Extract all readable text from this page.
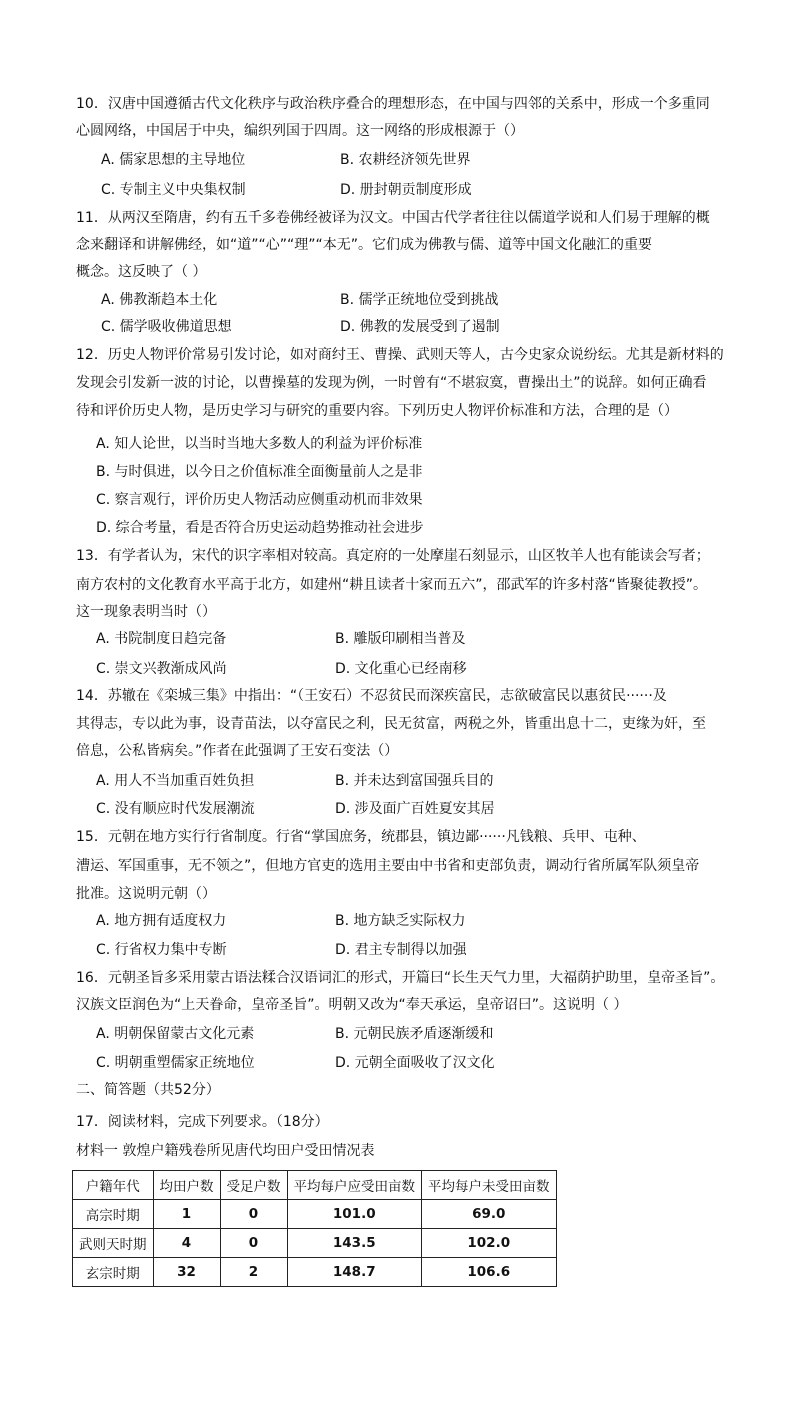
10．汉唐中国遵循古代文化秩序与政治秩序叠合的理想形态，在中国与四邻的关系中，形成一个多重同
心圆网络，中国居于中央，编织列国于四周。这一网络的形成根源于（）
A. 儒家思想的主导地位	B. 农耕经济领先世界
C. 专制主义中央集权制	D. 册封朝贡制度形成
11．从两汉至隋唐，约有五千多卷佛经被译为汉文。中国古代学者往往以儒道学说和人们易于理解的概
念来翻译和讲解佛经，如“道”“心”“理”“本无”。它们成为佛教与儒、道等中国文化融汇的重要
概念。这反映了（ ）
A. 佛教渐趋本土化	B. 儒学正统地位受到挑战
C. 儒学吸收佛道思想	D. 佛教的发展受到了遏制
12．历史人物评价常易引发讨论，如对商纣王、曹操、武则天等人，古今史家众说纷纭。尤其是新材料的
发现会引发新一波的讨论，以曹操墓的发现为例，一时曾有“不堪寂寞，曹操出土”的说辞。如何正确看
待和评价历史人物，是历史学习与研究的重要内容。下列历史人物评价标准和方法，合理的是（）
A. 知人论世，以当时当地大多数人的利益为评价标准
B. 与时俱进，以今日之价值标准全面衡量前人之是非
C. 察言观行，评价历史人物活动应侧重动机而非效果
D. 综合考量，看是否符合历史运动趋势推动社会进步
13．有学者认为，宋代的识字率相对较高。真定府的一处摩崖石刻显示，山区牧羊人也有能读会写者；
南方农村的文化教育水平高于北方，如建州“耕且读者十家而五六”，邵武军的许多村落“皆聚徒教授”。
这一现象表明当时（）
A. 书院制度日趋完备	B. 雕版印刷相当普及
C. 崇文兴教渐成风尚	D. 文化重心已经南移
14．苏辙在《栾城三集》中指出：“（王安石）不忍贫民而深疾富民，志欲破富民以惠贫民······及
其得志，专以此为事，设青苗法，以夺富民之利，民无贫富，两税之外，皆重出息十二，吏缘为奸，至
倍息，公私皆病矣。”作者在此强调了王安石变法（）
A. 用人不当加重百姓负担	B. 并未达到富国强兵目的
C. 没有顺应时代发展潮流	D. 涉及面广百姓夏安其居
15．元朝在地方实行行省制度。行省“掌国庶务，统郡县，镇边鄙······凡钱粮、兵甲、屯种、
漕运、军国重事，无不领之”，但地方官吏的选用主要由中书省和吏部负责，调动行省所属军队须皇帝
批准。这说明元朝（）
A. 地方拥有适度权力	B. 地方缺乏实际权力
C. 行省权力集中专断	D. 君主专制得以加强
16．元朝圣旨多采用蒙古语法糅合汉语词汇的形式，开篇曰“长生天气力里，大福荫护助里，皇帝圣旨”。
汉族文臣润色为“上天眷命，皇帝圣旨”。明朝又改为“奉天承运，皇帝诏曰”。这说明（ ）
A. 明朝保留蒙古文化元素	B. 元朝民族矛盾逐渐缓和
C. 明朝重塑儒家正统地位	D. 元朝全面吸收了汉文化
二、简答题（共52分）
17．阅读材料，完成下列要求。（18分）
材料一 敦煌户籍残卷所见唐代均田户受田情况表
户籍年代	均田户数	受足户数	平均每户应受田亩数	平均每户未受田亩数
高宗时期	1	0	101.0	69.0
武则天时期	4	0	143.5	102.0
玄宗时期	32	2	148.7	106.6
